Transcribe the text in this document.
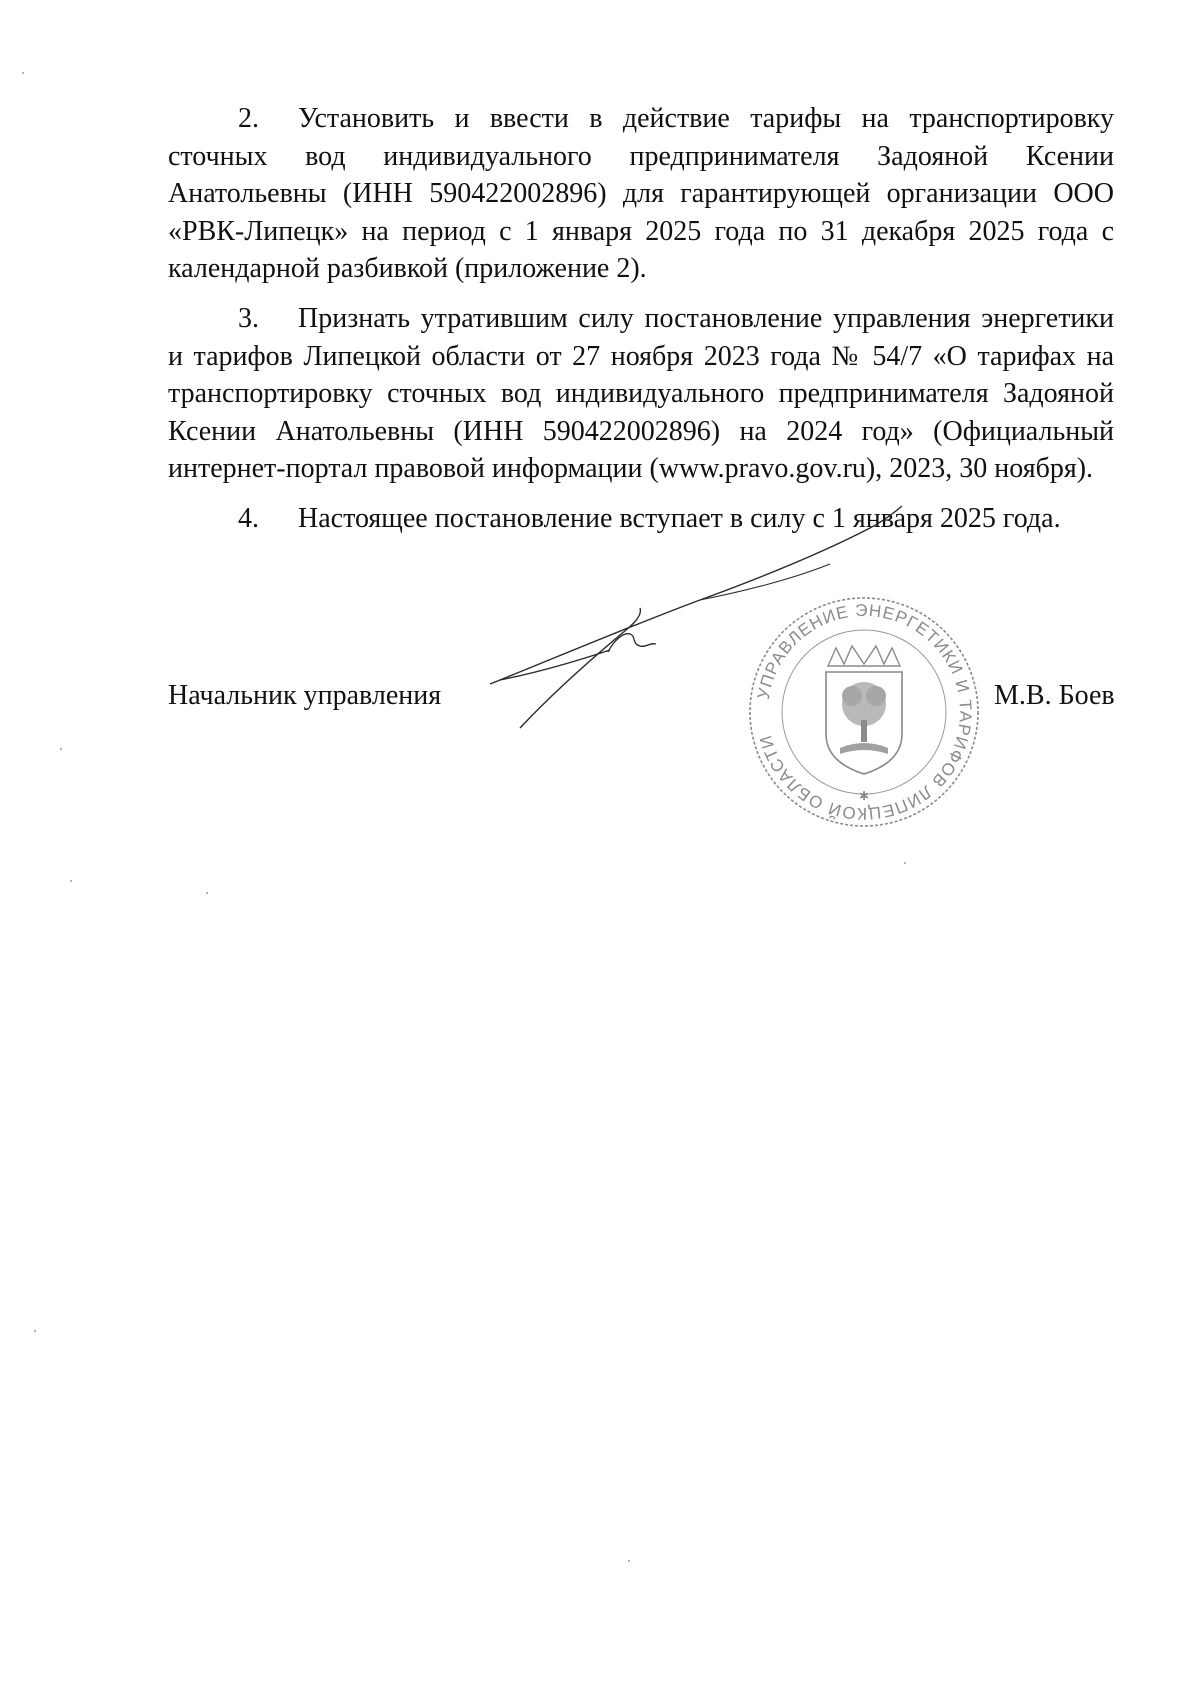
2. Установить и ввести в действие тарифы на транспортировку сточных вод индивидуального предпринимателя Задояной Ксении Анатольевны (ИНН 590422002896) для гарантирующей организации ООО «РВК-Липецк» на период с 1 января 2025 года по 31 декабря 2025 года с календарной разбивкой (приложение 2).

3. Признать утратившим силу постановление управления энергетики и тарифов Липецкой области от 27 ноября 2023 года № 54/7 «О тарифах на транспортировку сточных вод индивидуального предпринимателя Задояной Ксении Анатольевны (ИНН 590422002896) на 2024 год» (Официальный интернет-портал правовой информации (www.pravo.gov.ru), 2023, 30 ноября).

4. Настоящее постановление вступает в силу с 1 января 2025 года.

Начальник управления	М.В. Боев
УПРАВЛЕНИЕ ЭНЕРГЕТИКИ И ТАРИФОВ ЛИПЕЦКОЙ ОБЛАСТИ
✱
